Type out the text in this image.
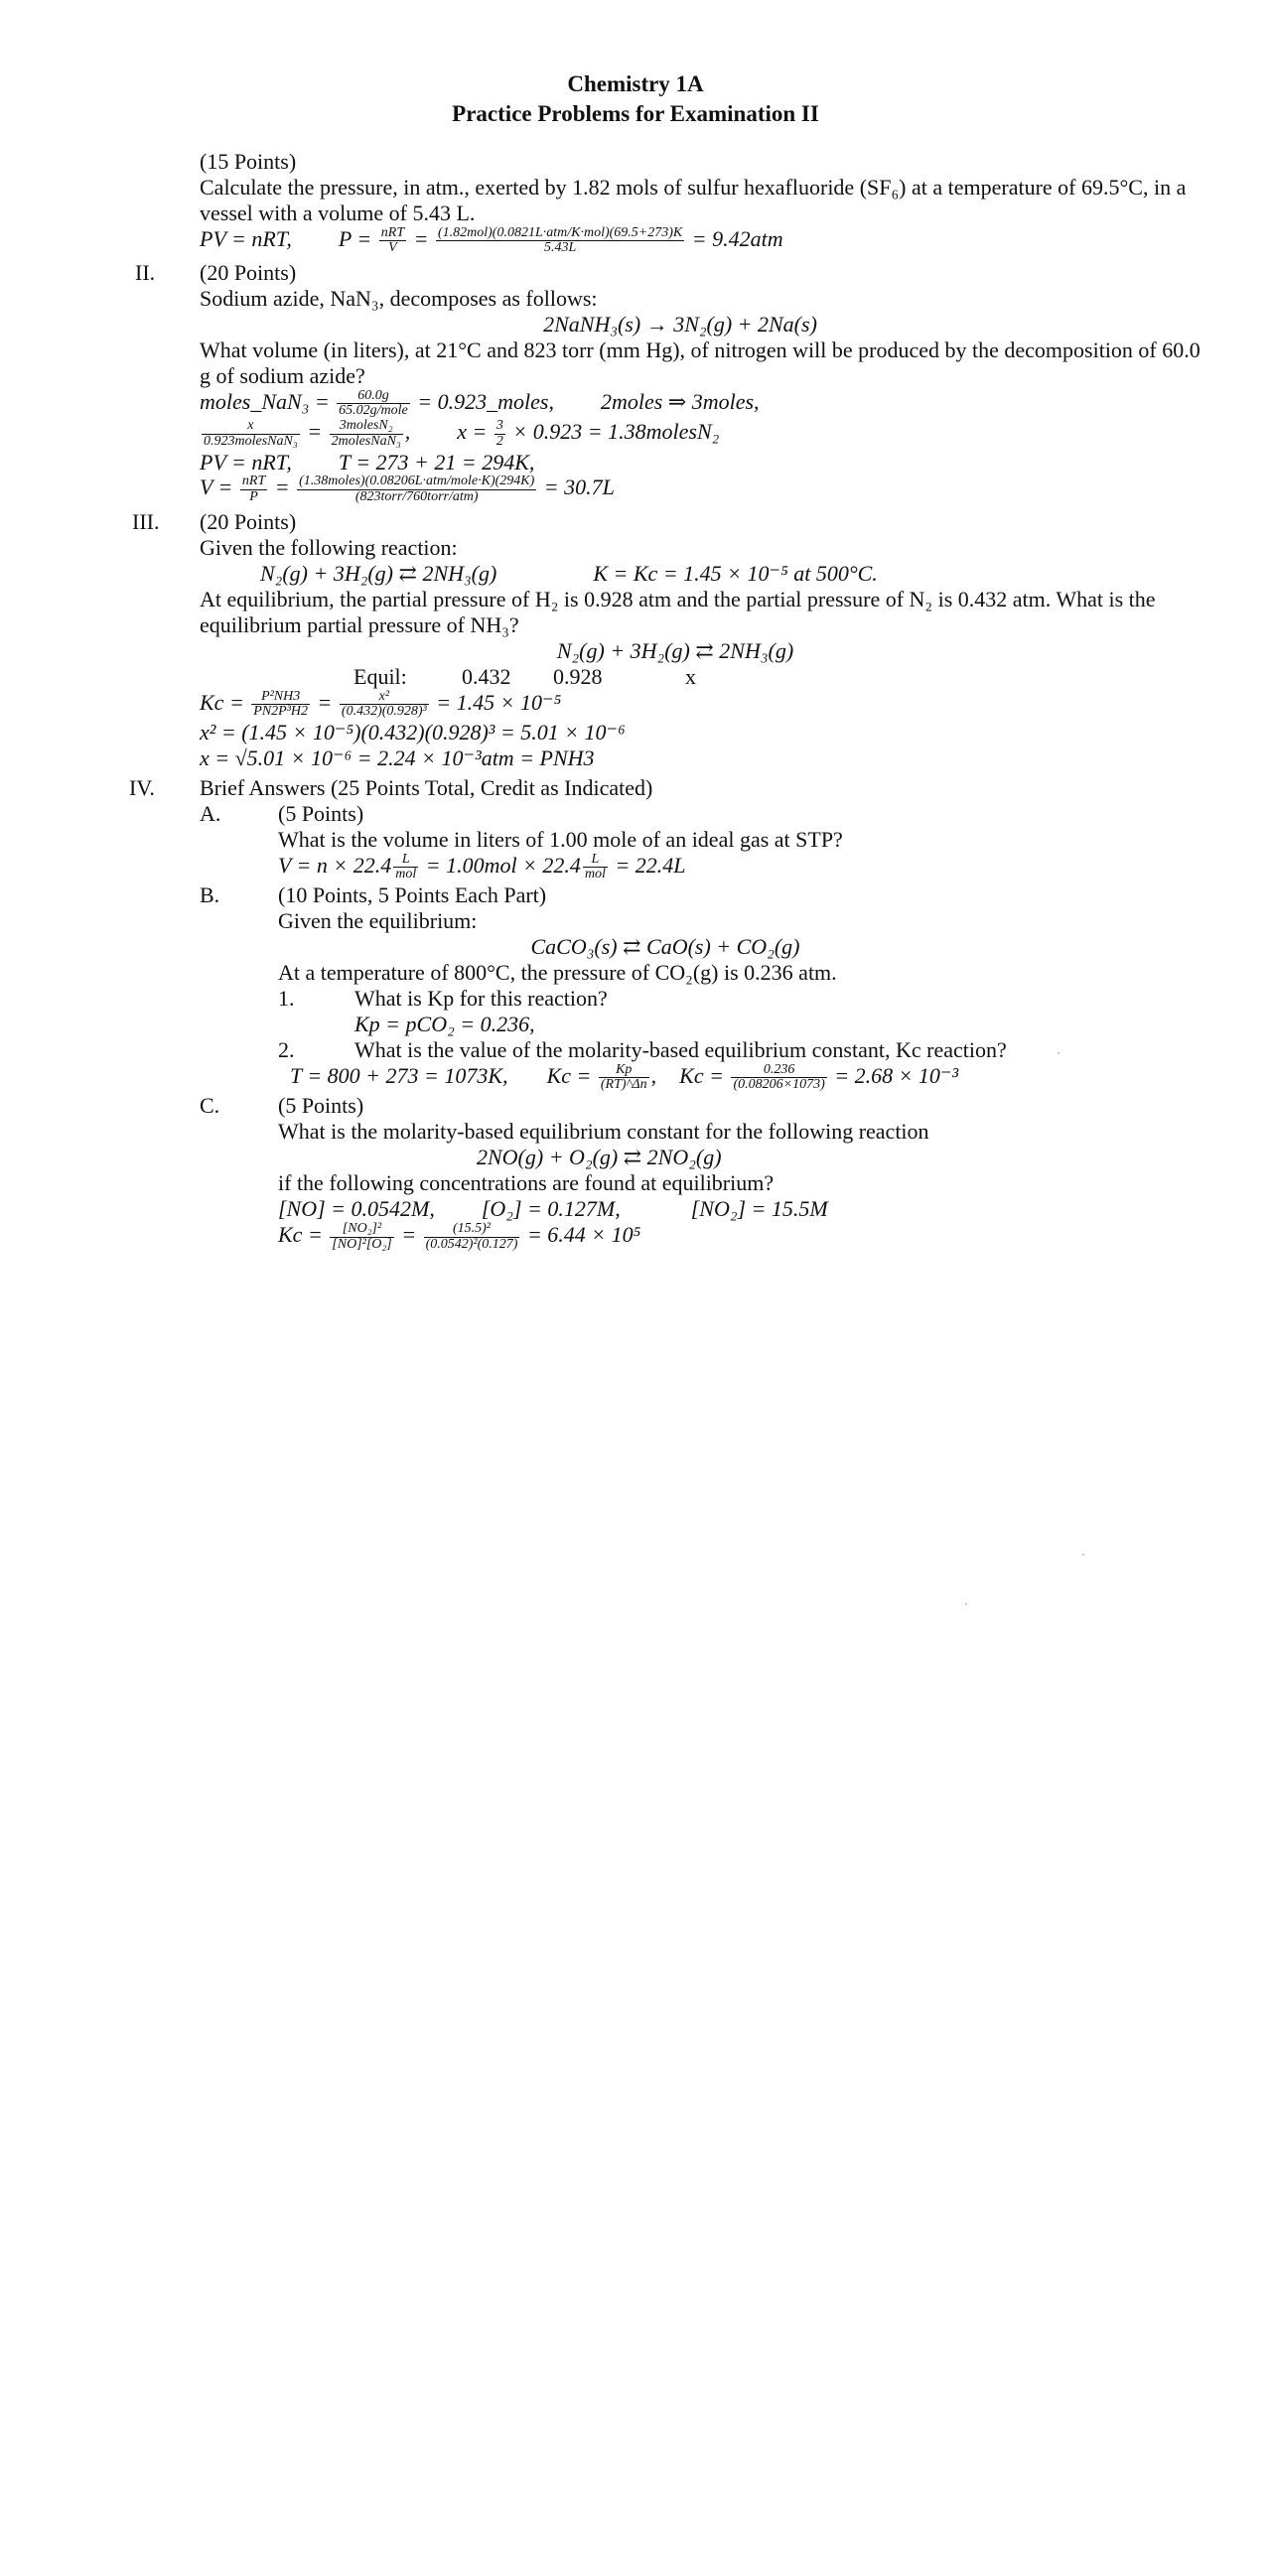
Chemistry 1A
Practice Problems for Examination II
(15 Points)
Calculate the pressure, in atm., exerted by 1.82 mols of sulfur hexafluoride (SF₆) at a temperature of 69.5°C, in a vessel with a volume of 5.43 L.
PV = nRT, $P = \frac{\text{nRT}}{V} = \frac{\text{(1.82mol)(0.0821L·atm/K·mol)(69.5+273)K}}{5.43L} = 9.42atm$
II. (20 Points)
Sodium azide, NaN₃, decomposes as follows:
2NaNH₃(s) → 3N₂(g) + 2Na(s)
What volume (in liters), at 21°C and 823 torr (mm Hg), of nitrogen will be produced by the decomposition of 60.0 g of sodium azide?
moles_NaN₃ = $\frac{60.0g}{\text{65.02g/mole}}$ = 0.923_moles, 2moles ⇒ 3moles,
$\frac{x}{\text{0.923molesNaN₃}} = \frac{\text{3molesN₂}}{\text{2molesNaN₃}}$ ,  $x = \frac{3}{2} \times 0.923$ = 1.38molesN₂
PV = nRT, T = 273 + 21 = 294K,
$V = \frac{\text{nRT}}{P} = \frac{\text{(1.38moles)(0.08206L·atm/mole·K)(294K)}}{\text{(823torr/760torr/atm)}} = 30.7L$
III. (20 Points)
Given the following reaction:
N₂(g) + 3H₂(g) ⇄ 2NH₃(g)	K = Kc = 1.45 × 10⁻⁵ at 500°C.
At equilibrium, the partial pressure of H₂ is 0.928 atm and the partial pressure of N₂ is 0.432 atm. What is the equilibrium partial pressure of NH₃?
N₂(g) + 3H₂(g) ⇄ 2NH₃(g)
Equil:	0.432 0.928	x
$Kc = \frac{\text{P²NH3}}{\text{PN2P³H2}} = \frac{\text{x²}}{\text{(0.432)(0.928)³}} = 1.45 \times 10^{-5}$
x² = (1.45 × 10⁻⁵)(0.432)(0.928)³ = 5.01 × 10⁻⁶
x = √5.01 × 10⁻⁶ = 2.24 × 10⁻³atm = PNH3
IV. Brief Answers (25 Points Total, Credit as Indicated)
A.	(5 Points)
What is the volume in liters of 1.00 mole of an ideal gas at STP?
$V = n \times 22.4 \frac{L}{\text{mol}} = 1.00mol \times 22.4 \frac{L}{\text{mol}} = 22.4L$
B.	(10 Points, 5 Points Each Part)
Given the equilibrium:
CaCO₃(s) ⇄ CaO(s) + CO₂(g)
At a temperature of 800°C, the pressure of CO₂(g) is 0.236 atm.
1.	What is Kp for this reaction?
Kp = pCO₂ = 0.236,
2.	What is the value of the molarity-based equilibrium constant, Kc reaction?
T = 800 + 273 = 1073K, $Kc = \frac{Kp}{(RT)\^{}\Delta n}$ ,  $Kc = \frac{0.236}{(0.08206\times 1073)} = 2.68 \times 10^{-3}$
C.	(5 Points)
What is the molarity-based equilibrium constant for the following reaction
2NO(g) + O₂(g) ⇄ 2NO₂(g)
if the following concentrations are found at equilibrium?
[NO] = 0.0542M, [O₂] = 0.127M,	[NO₂] = 15.5M
$Kc = \frac{\text{[NO₂]²}}{\text{[NO]²[O₂]}} = \frac{\text{(15.5)²}}{\text{(0.0542)²(0.127)}} = 6.44 \times 10^5$
